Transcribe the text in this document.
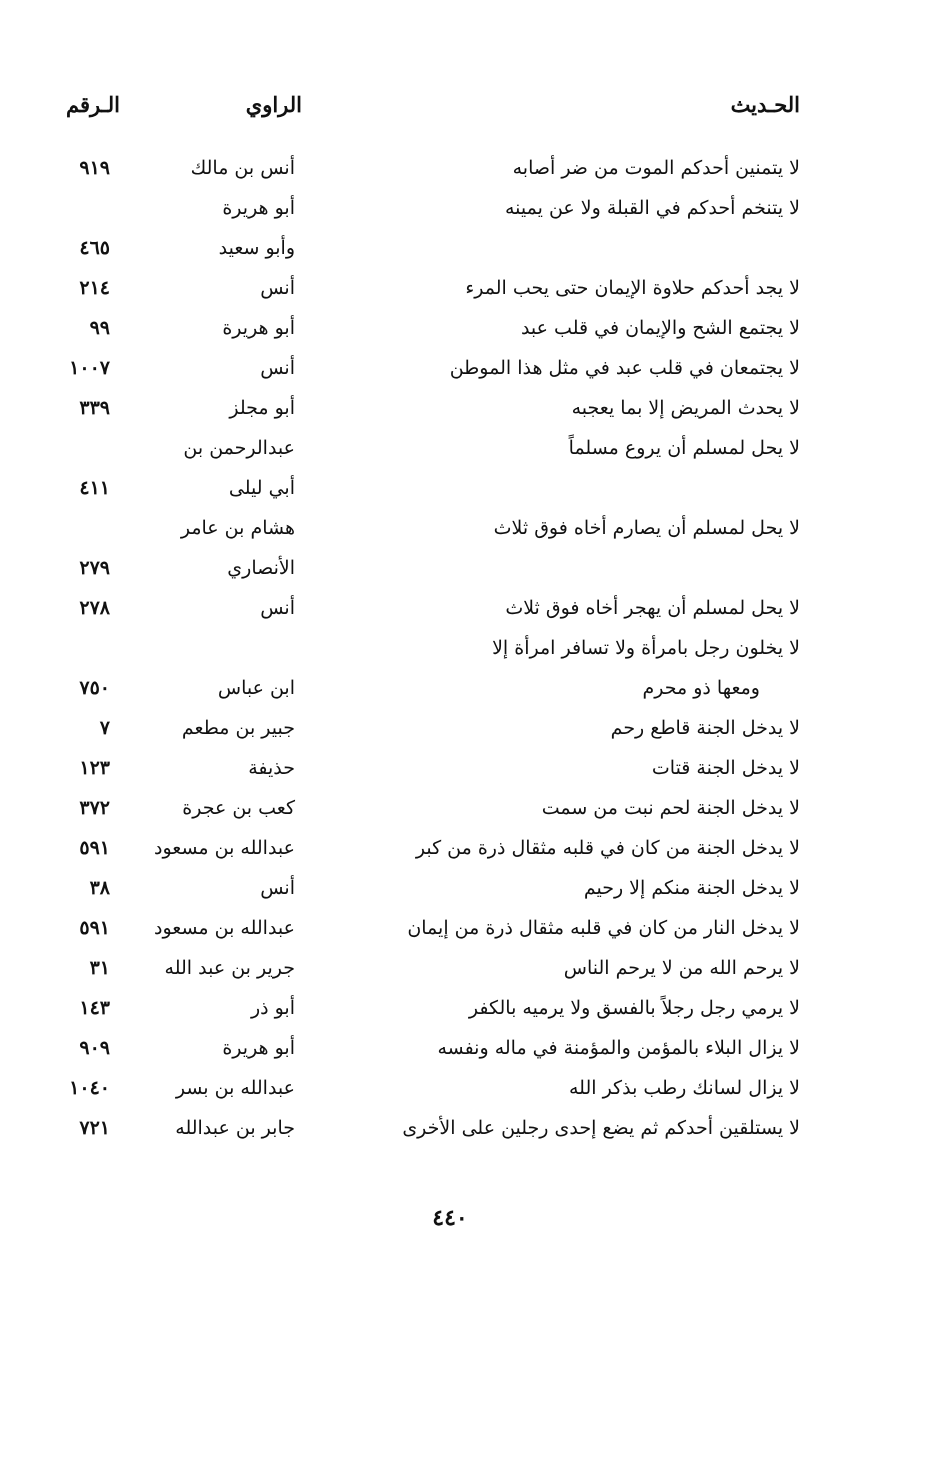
الحـديث
الراوي
الـرقم
لا يتمنين أحدكم الموت من ضر أصابه
أنس بن مالك
٩١٩
لا يتنخم أحدكم في القبلة ولا عن يمينه
أبو هريرة
وأبو سعيد
٤٦٥
لا يجد أحدكم حلاوة الإيمان حتى يحب المرء
أنس
٢١٤
لا يجتمع الشح والإيمان في قلب عبد
أبو هريرة
٩٩
لا يجتمعان في قلب عبد في مثل هذا الموطن
أنس
١٠٠٧
لا يحدث المريض إلا بما يعجبه
أبو مجلز
٣٣٩
لا يحل لمسلم أن يروع مسلماً
عبدالرحمن بن
أبي ليلى
٤١١
لا يحل لمسلم أن يصارم أخاه فوق ثلاث
هشام بن عامر
الأنصاري
٢٧٩
لا يحل لمسلم أن يهجر أخاه فوق ثلاث
أنس
٢٧٨
لا يخلون رجل بامرأة ولا تسافر امرأة إلا
ومعها ذو محرم
ابن عباس
٧٥٠
لا يدخل الجنة قاطع رحم
جبير بن مطعم
٧
لا يدخل الجنة قتات
حذيفة
١٢٣
لا يدخل الجنة لحم نبت من سمت
كعب بن عجرة
٣٧٢
لا يدخل الجنة من كان في قلبه مثقال ذرة من كبر
عبدالله بن مسعود
٥٩١
لا يدخل الجنة منكم إلا رحيم
أنس
٣٨
لا يدخل النار من كان في قلبه مثقال ذرة من إيمان
عبدالله بن مسعود
٥٩١
لا يرحم الله من لا يرحم الناس
جرير بن عبد الله
٣١
لا يرمي رجل رجلاً بالفسق ولا يرميه بالكفر
أبو ذر
١٤٣
لا يزال البلاء بالمؤمن والمؤمنة في ماله ونفسه
أبو هريرة
٩٠٩
لا يزال لسانك رطب بذكر الله
عبدالله بن بسر
١٠٤٠
لا يستلقين أحدكم ثم يضع إحدى رجلين على الأخرى
جابر بن عبدالله
٧٢١
٤٤٠
